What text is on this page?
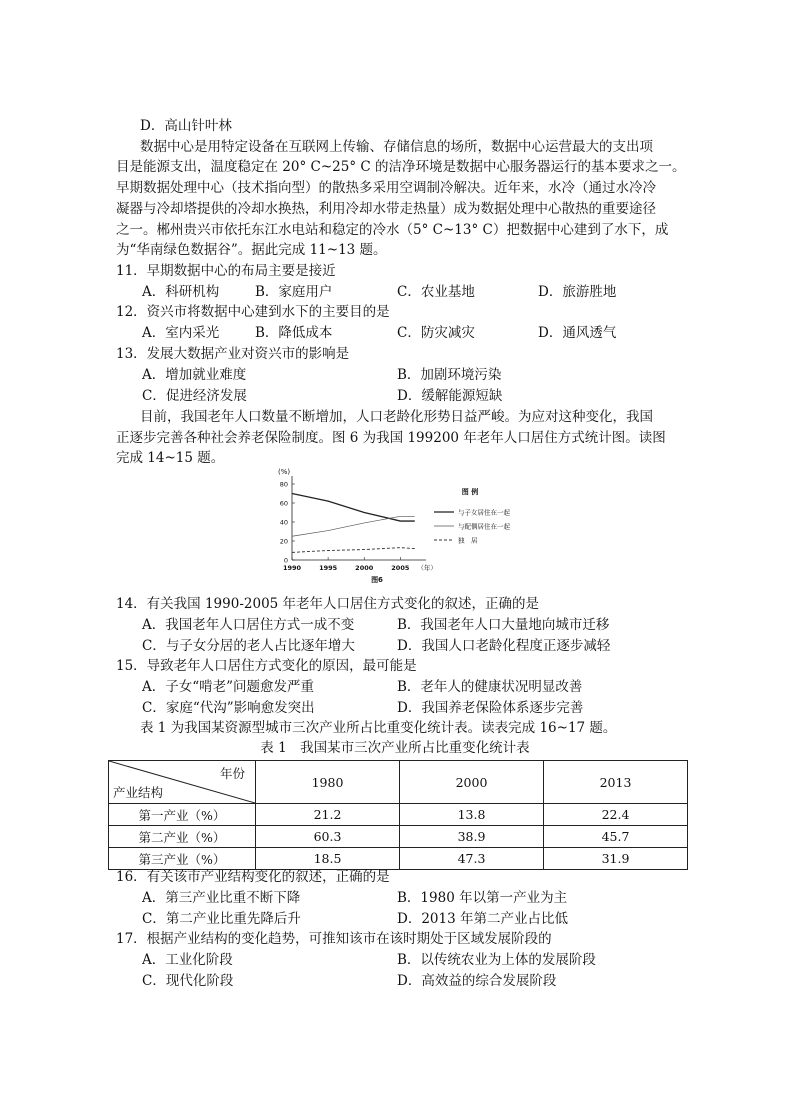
D．高山针叶林
数据中心是用特定设备在互联网上传输、存储信息的场所，数据中心运营最大的支出项
目是能源支出，温度稳定在 20° C~25° C 的洁净环境是数据中心服务器运行的基本要求之一。
早期数据处理中心（技术指向型）的散热多采用空调制冷解决。近年来，水冷（通过水冷冷
凝器与冷却塔提供的冷却水换热，利用冷却水带走热量）成为数据处理中心散热的重要途径
之一。郴州贵兴市依托东江水电站和稳定的冷水（5° C~13° C）把数据中心建到了水下，成
为“华南绿色数据谷”。据此完成 11~13 题。
11．早期数据中心的布局主要是接近
A．科研机构	B．家庭用户	C．农业基地	D．旅游胜地
12．资兴市将数据中心建到水下的主要目的是
A．室内采光	B．降低成本	C．防灾减灾	D．通风透气
13．发展大数据产业对资兴市的影响是
A．增加就业难度	B．加剧环境污染
C．促进经济发展	D．缓解能源短缺
目前，我国老年人口数量不断增加，人口老龄化形势日益严峻。为应对这种变化，我国
正逐步完善各种社会养老保险制度。图 6 为我国 199200 年老年人口居住方式统计图。读图
完成 14~15 题。
(%)
0
20
40
60
80
1990	1995	2000	2005 （年）
图6
图 例
与子女居住在一起
与配偶居住在一起
独　居
14．有关我国 1990-2005 年老年人口居住方式变化的叙述，正确的是
A．我国老年人口居住方式一成不变	B．我国老年人口大量地向城市迁移
C．与子女分居的老人占比逐年增大	D．我国人口老龄化程度正逐步减轻
15．导致老年人口居住方式变化的原因，最可能是
A．子女“啃老”问题愈发严重	B．老年人的健康状况明显改善
C．家庭“代沟”影响愈发突出	D．我国养老保险体系逐步完善
表 1 为我国某资源型城市三次产业所占比重变化统计表。读表完成 16~17 题。
表 1　我国某市三次产业所占比重变化统计表
年份
产业结构	1980	2000	2013
第一产业（%）	21.2	13.8	22.4
第二产业（%）	60.3	38.9	45.7
第三产业（%）	18.5	47.3	31.9
16．有关该市产业结构变化的叙述，正确的是
A．第三产业比重不断下降	B．1980 年以第一产业为主
C．第二产业比重先降后升	D．2013 年第二产业占比低
17．根据产业结构的变化趋势，可推知该市在该时期处于区域发展阶段的
A．工业化阶段	B．以传统农业为上体的发展阶段
C．现代化阶段	D．高效益的综合发展阶段
